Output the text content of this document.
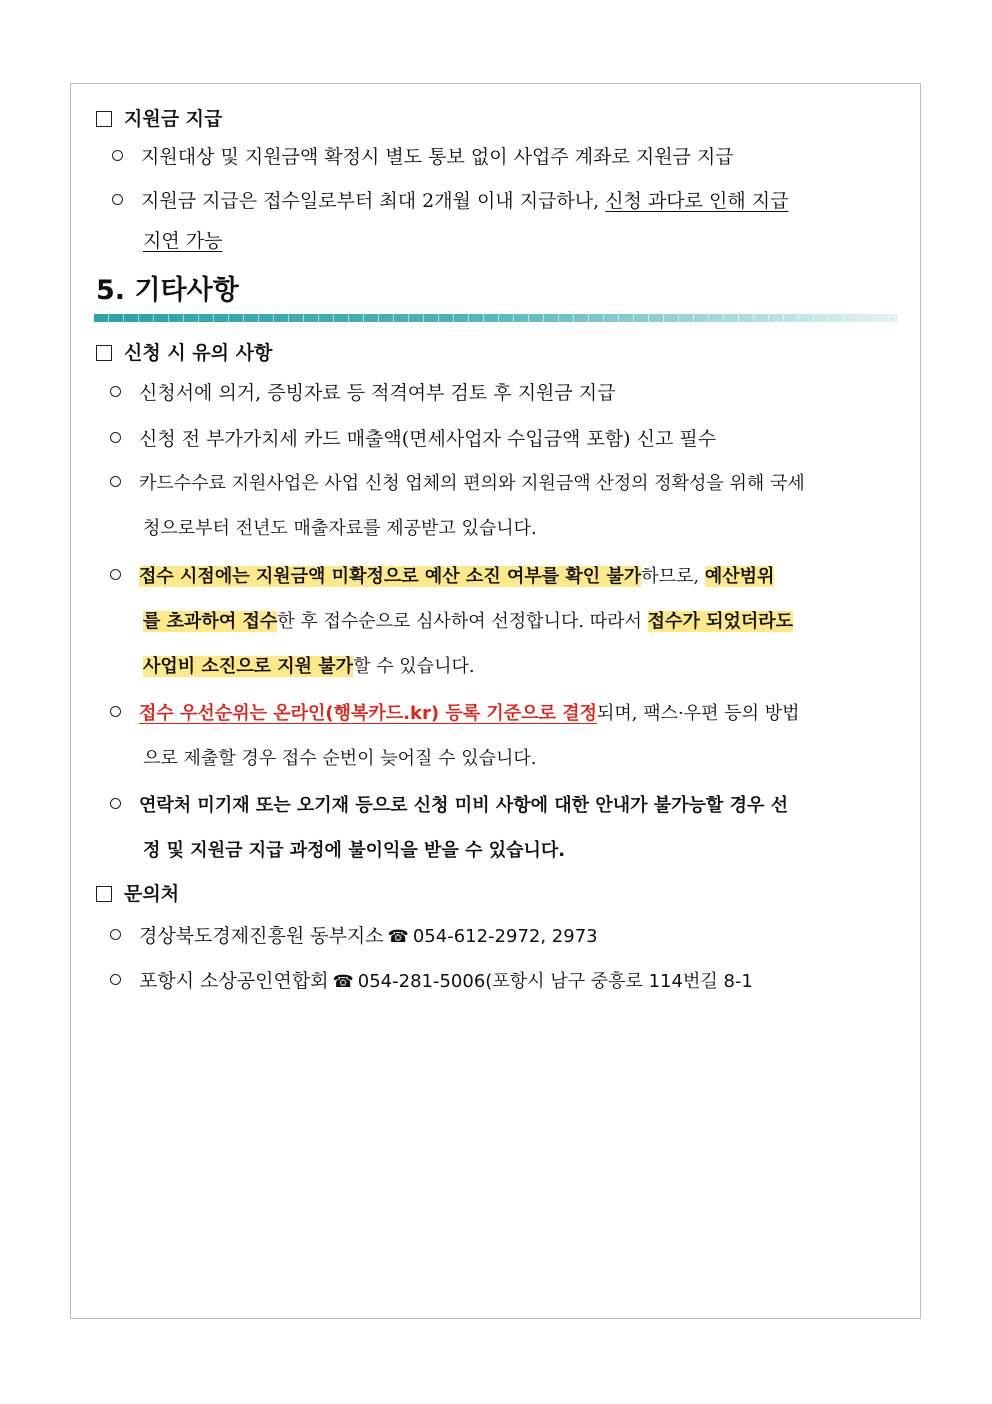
지원금 지급
지원대상 및 지원금액 확정시 별도 통보 없이 사업주 계좌로 지원금 지급
지원금 지급은 접수일로부터 최대 2개월 이내 지급하나, 신청 과다로 인해 지급
지연 가능
5. 기타사항
신청 시 유의 사항
신청서에 의거, 증빙자료 등 적격여부 검토 후 지원금 지급
신청 전 부가가치세 카드 매출액(면세사업자 수입금액 포함) 신고 필수
카드수수료 지원사업은 사업 신청 업체의 편의와 지원금액 산정의 정확성을 위해 국세
청으로부터 전년도 매출자료를 제공받고 있습니다.
접수 시점에는 지원금액 미확정으로 예산 소진 여부를 확인 불가하므로, 예산범위
를 초과하여 접수한 후 접수순으로 심사하여 선정합니다. 따라서 접수가 되었더라도
사업비 소진으로 지원 불가할 수 있습니다.
접수 우선순위는 온라인(행복카드.kr) 등록 기준으로 결정되며, 팩스·우편 등의 방법
으로 제출할 경우 접수 순번이 늦어질 수 있습니다.
연락처 미기재 또는 오기재 등으로 신청 미비 사항에 대한 안내가 불가능할 경우 선
정 및 지원금 지급 과정에 불이익을 받을 수 있습니다.
문의처
경상북도경제진흥원 동부지소 ☎ 054-612-2972, 2973
포항시 소상공인연합회 ☎ 054-281-5006(포항시 남구 중흥로 114번길 8-1
